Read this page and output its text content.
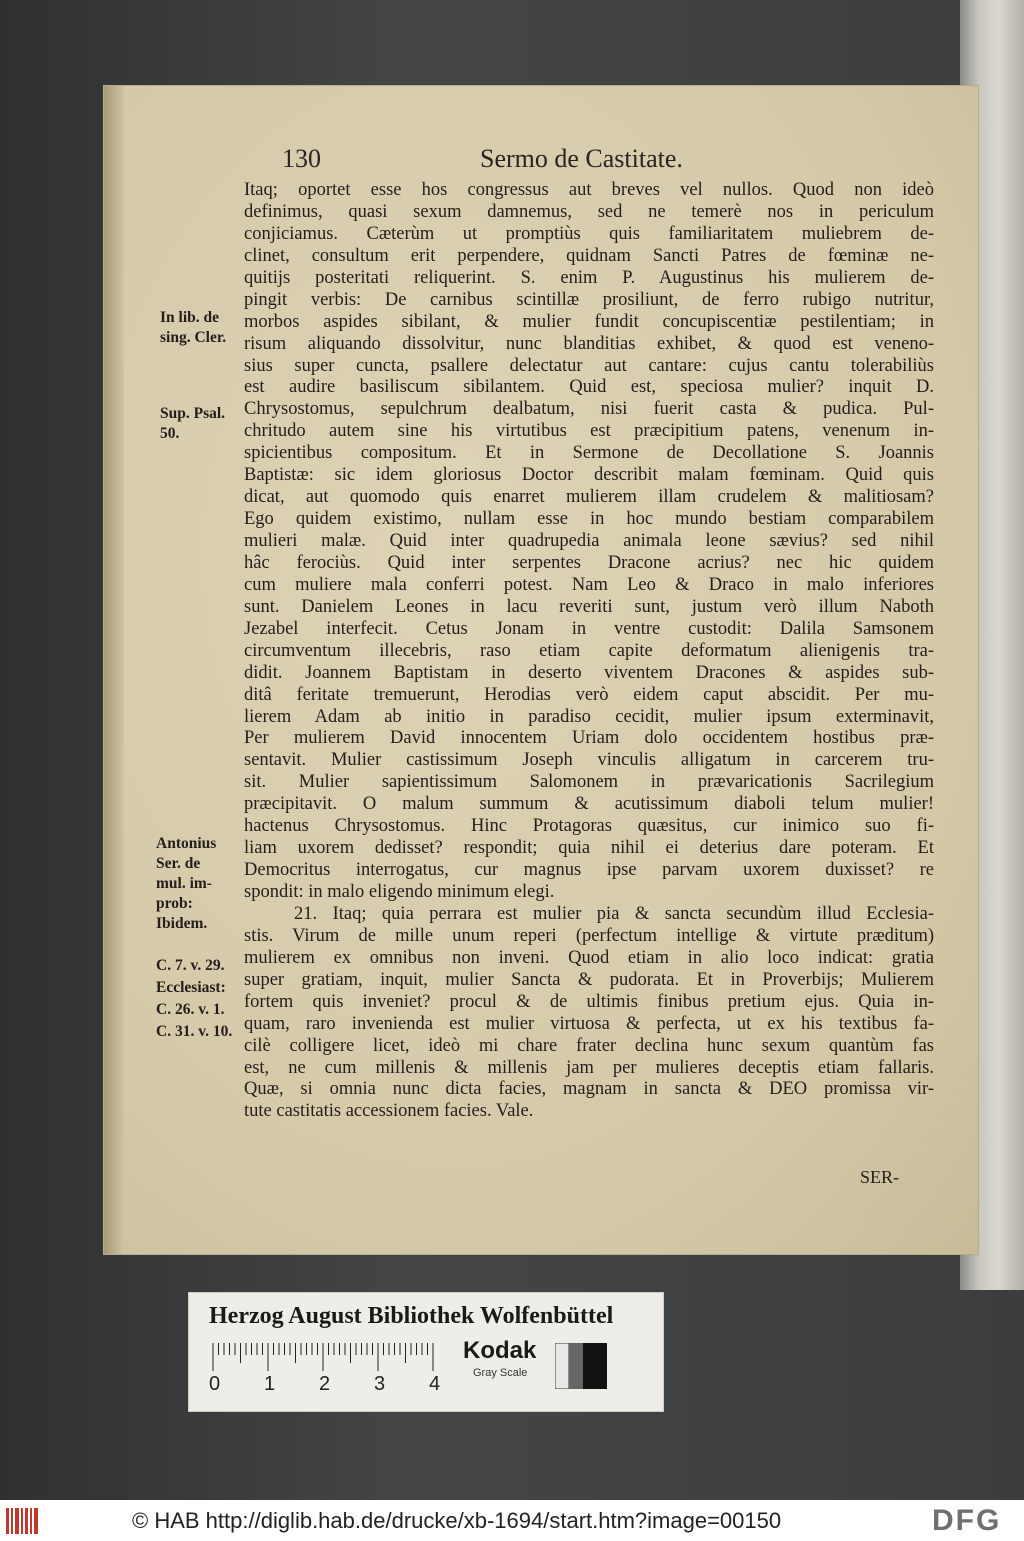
130	Sermo de Castitate.
Itaq; oportet esse hos congressus aut breves vel nullos. Quod non ideò
definimus, quasi sexum damnemus, sed ne temerè nos in periculum
conjiciamus. Cæterùm ut promptiùs quis familiaritatem muliebrem de-
clinet, consultum erit perpendere, quidnam Sancti Patres de fœminæ ne-
quitijs posteritati reliquerint. S. enim P. Augustinus his mulierem de-
pingit verbis: De carnibus scintillæ prosiliunt, de ferro rubigo nutritur,
morbos aspides sibilant, & mulier fundit concupiscentiæ pestilentiam; in
risum aliquando dissolvitur, nunc blanditias exhibet, & quod est veneno-
sius super cuncta, psallere delectatur aut cantare: cujus cantu tolerabiliùs
est audire basiliscum sibilantem. Quid est, speciosa mulier? inquit D.
Chrysostomus, sepulchrum dealbatum, nisi fuerit casta & pudica. Pul-
chritudo autem sine his virtutibus est præcipitium patens, venenum in-
spicientibus compositum. Et in Sermone de Decollatione S. Joannis
Baptistæ: sic idem gloriosus Doctor describit malam fœminam. Quid quis
dicat, aut quomodo quis enarret mulierem illam crudelem & malitiosam?
Ego quidem existimo, nullam esse in hoc mundo bestiam comparabilem
mulieri malæ. Quid inter quadrupedia animala leone sævius? sed nihil
hâc ferociùs. Quid inter serpentes Dracone acrius? nec hic quidem
cum muliere mala conferri potest. Nam Leo & Draco in malo inferiores
sunt. Danielem Leones in lacu reveriti sunt, justum verò illum Naboth
Jezabel interfecit. Cetus Jonam in ventre custodit: Dalila Samsonem
circumventum illecebris, raso etiam capite deformatum alienigenis tra-
didit. Joannem Baptistam in deserto viventem Dracones & aspides sub-
ditâ feritate tremuerunt, Herodias verò eidem caput abscidit. Per mu-
lierem Adam ab initio in paradiso cecidit, mulier ipsum exterminavit,
Per mulierem David innocentem Uriam dolo occidentem hostibus præ-
sentavit. Mulier castissimum Joseph vinculis alligatum in carcerem tru-
sit. Mulier sapientissimum Salomonem in prævaricationis Sacrilegium
præcipitavit. O malum summum & acutissimum diaboli telum mulier!
hactenus Chrysostomus. Hinc Protagoras quæsitus, cur inimico suo fi-
liam uxorem dedisset? respondit; quia nihil ei deterius dare poteram. Et
Democritus interrogatus, cur magnus ipse parvam uxorem duxisset? re
spondit: in malo eligendo minimum elegi.
21. Itaq; quia perrara est mulier pia & sancta secundùm illud Ecclesia-
stis. Virum de mille unum reperi (perfectum intellige & virtute præditum)
mulierem ex omnibus non inveni. Quod etiam in alio loco indicat: gratia
super gratiam, inquit, mulier Sancta & pudorata. Et in Proverbijs; Mulierem
fortem quis inveniet? procul & de ultimis finibus pretium ejus. Quia in-
quam, raro invenienda est mulier virtuosa & perfecta, ut ex his textibus fa-
cilè colligere licet, ideò mi chare frater declina hunc sexum quantùm fas
est, ne cum millenis & millenis jam per mulieres deceptis etiam fallaris.
Quæ, si omnia nunc dicta facies, magnam in sancta & DEO promissa vir-
tute castitatis accessionem facies. Vale.
In lib. de
sing. Cler.
Sup. Psal.
50.
Antonius
Ser. de
mul. im-
prob:
Ibidem.
C. 7. v. 29.
Ecclesiast:
C. 26. v. 1.
C. 31. v. 10.
SER-
Herzog August Bibliothek Wolfenbüttel
0 1 2 3 4
Kodak
Gray Scale
© HAB http://diglib.hab.de/drucke/xb-1694/start.htm?image=00150	DFG
